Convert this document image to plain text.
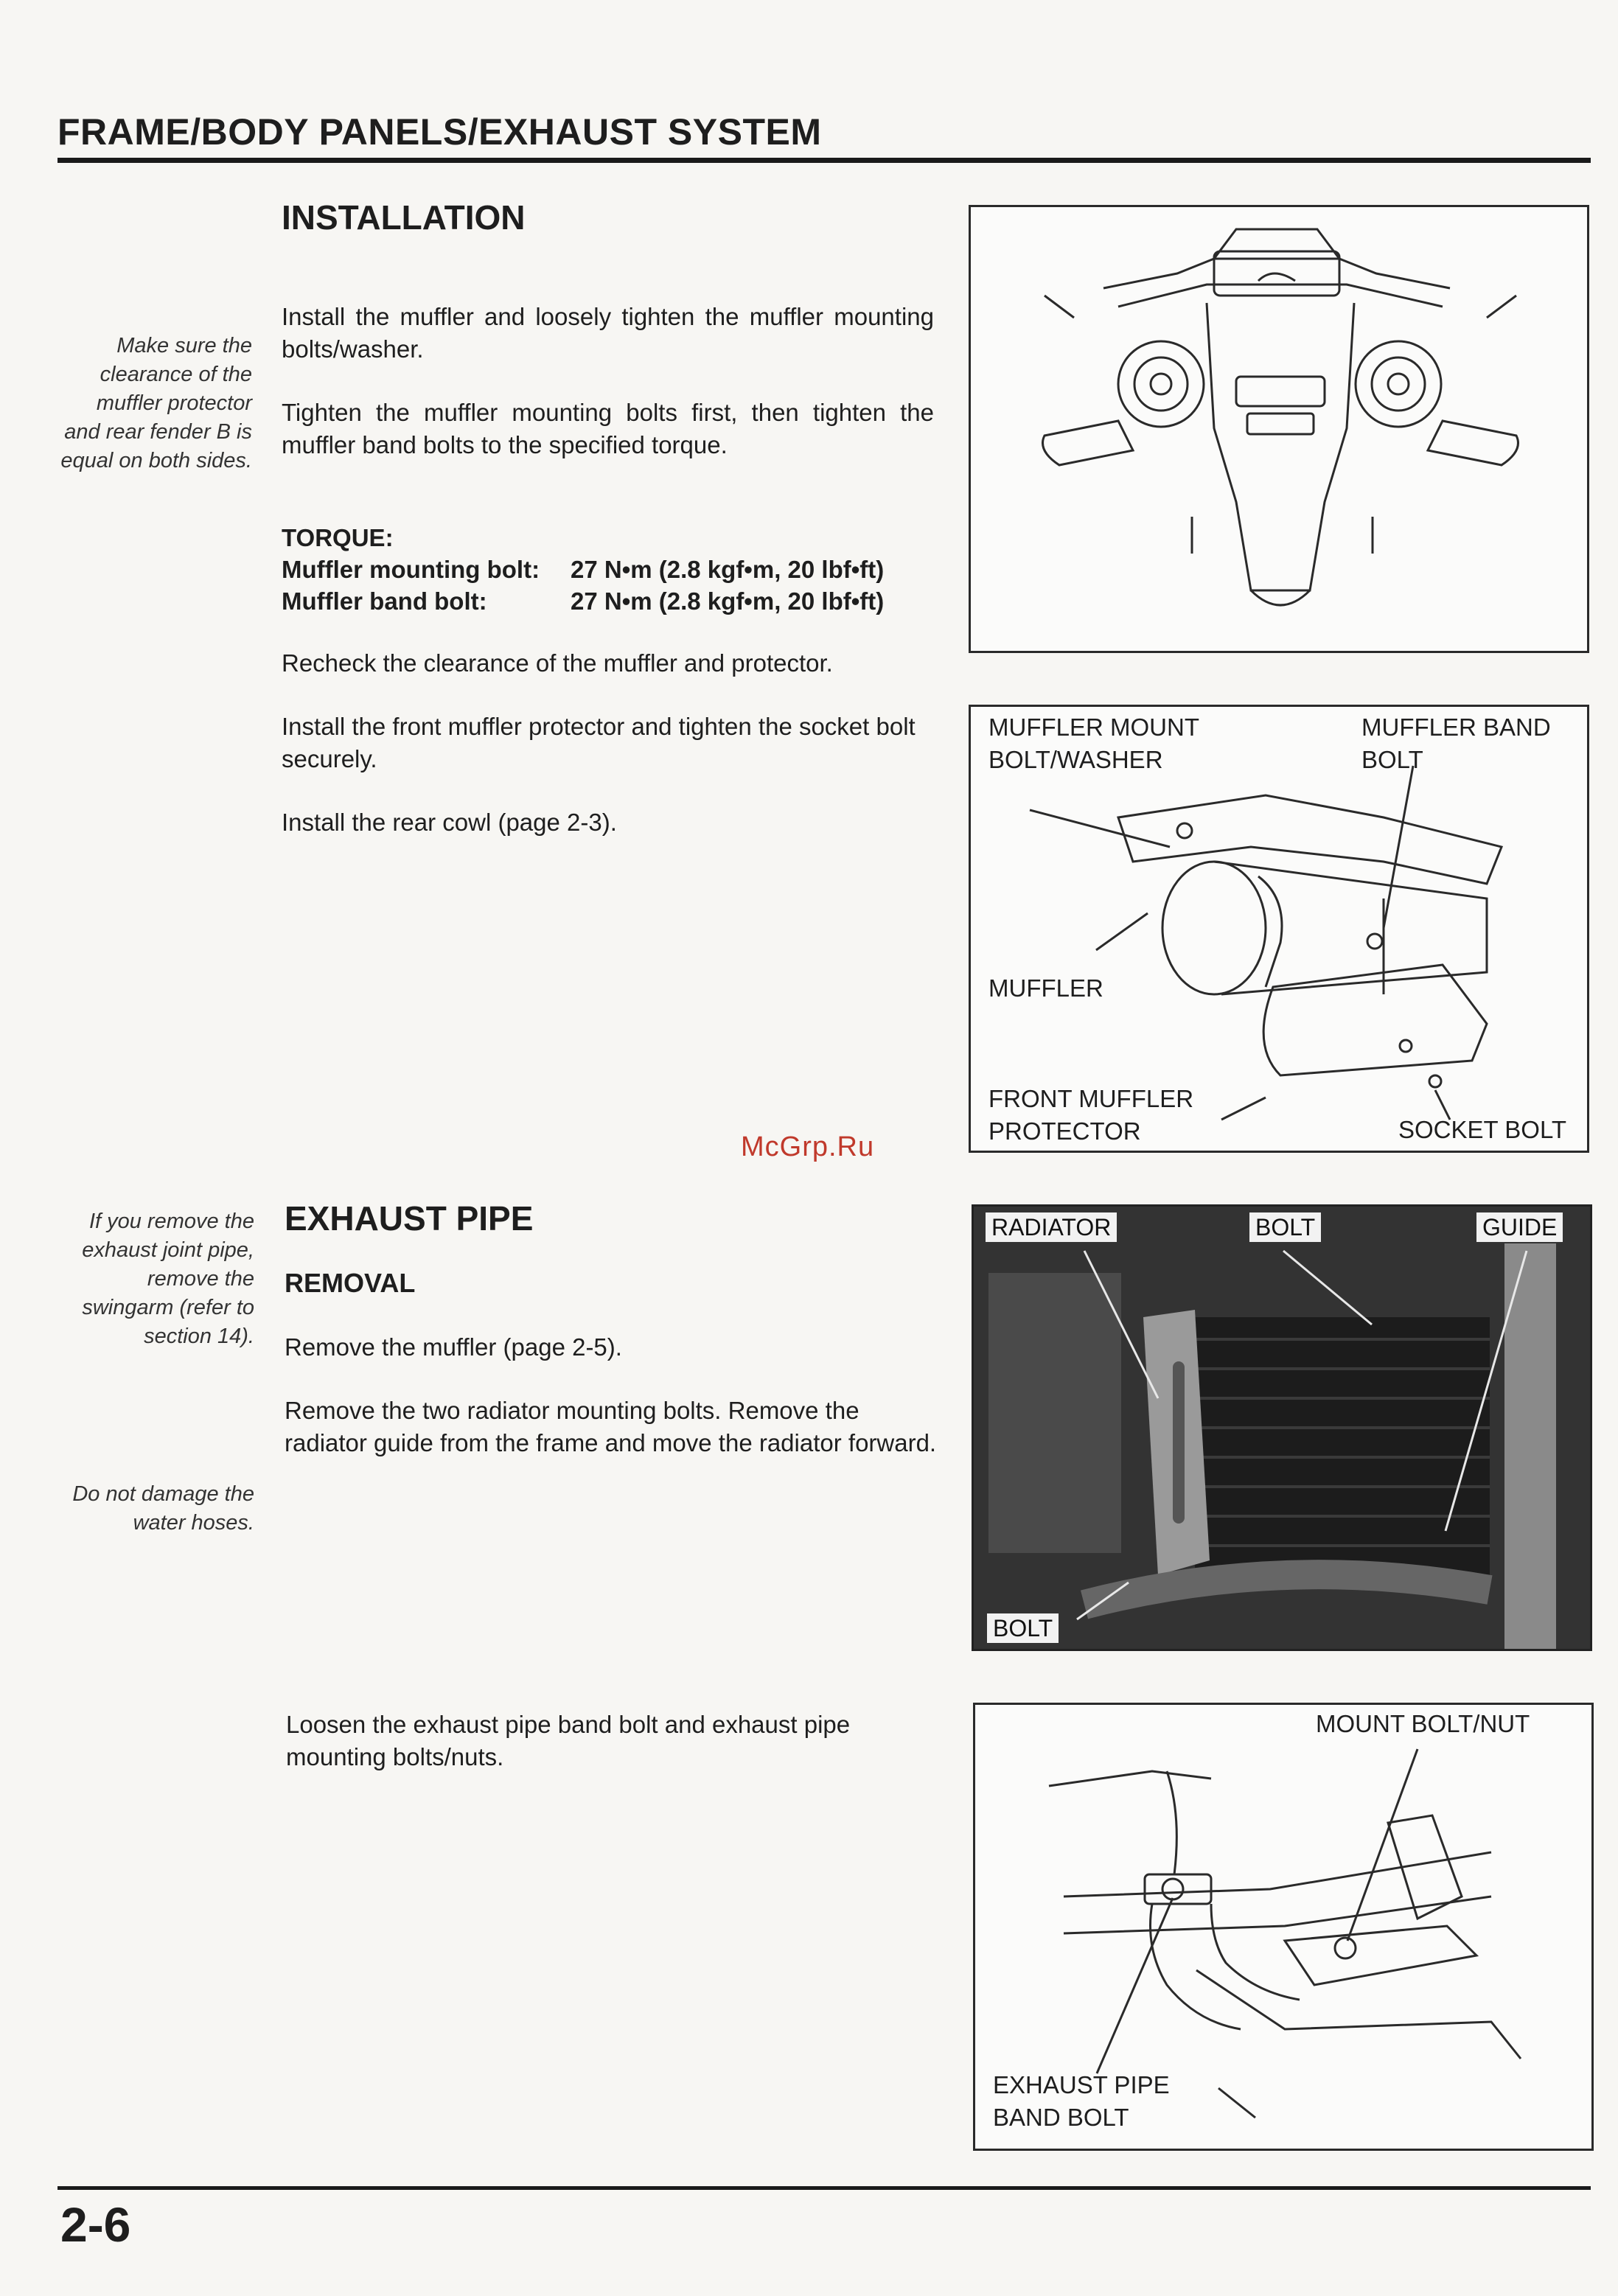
FRAME/BODY PANELS/EXHAUST SYSTEM
INSTALLATION
Make sure the clearance of the muffler protector and rear fender B is equal on both sides.

Install the muffler and loosely tighten the muffler mounting bolts/washer.

Tighten the muffler mounting bolts first, then tighten the muffler band bolts to the specified torque.

TORQUE:
Muffler mounting bolt: 27 N•m (2.8 kgf•m, 20 lbf•ft)
Muffler band bolt:	27 N•m (2.8 kgf•m, 20 lbf•ft)

Recheck the clearance of the muffler and protector.

Install the front muffler protector and tighten the socket bolt securely.

Install the rear cowl (page 2-3).

MUFFLER MOUNT BOLT/WASHER
MUFFLER BAND BOLT
MUFFLER
FRONT MUFFLER PROTECTOR	SOCKET BOLT
McGrp.Ru
EXHAUST PIPE
REMOVAL
If you remove the exhaust joint pipe, remove the swingarm (refer to section 14).
Do not damage the water hoses.

Remove the muffler (page 2-5).

Remove the two radiator mounting bolts. Remove the radiator guide from the frame and move the radiator forward.

Loosen the exhaust pipe band bolt and exhaust pipe mounting bolts/nuts.

RADIATOR	BOLT	GUIDE
BOLT
MOUNT BOLT/NUT
EXHAUST PIPE BAND BOLT
2-6
